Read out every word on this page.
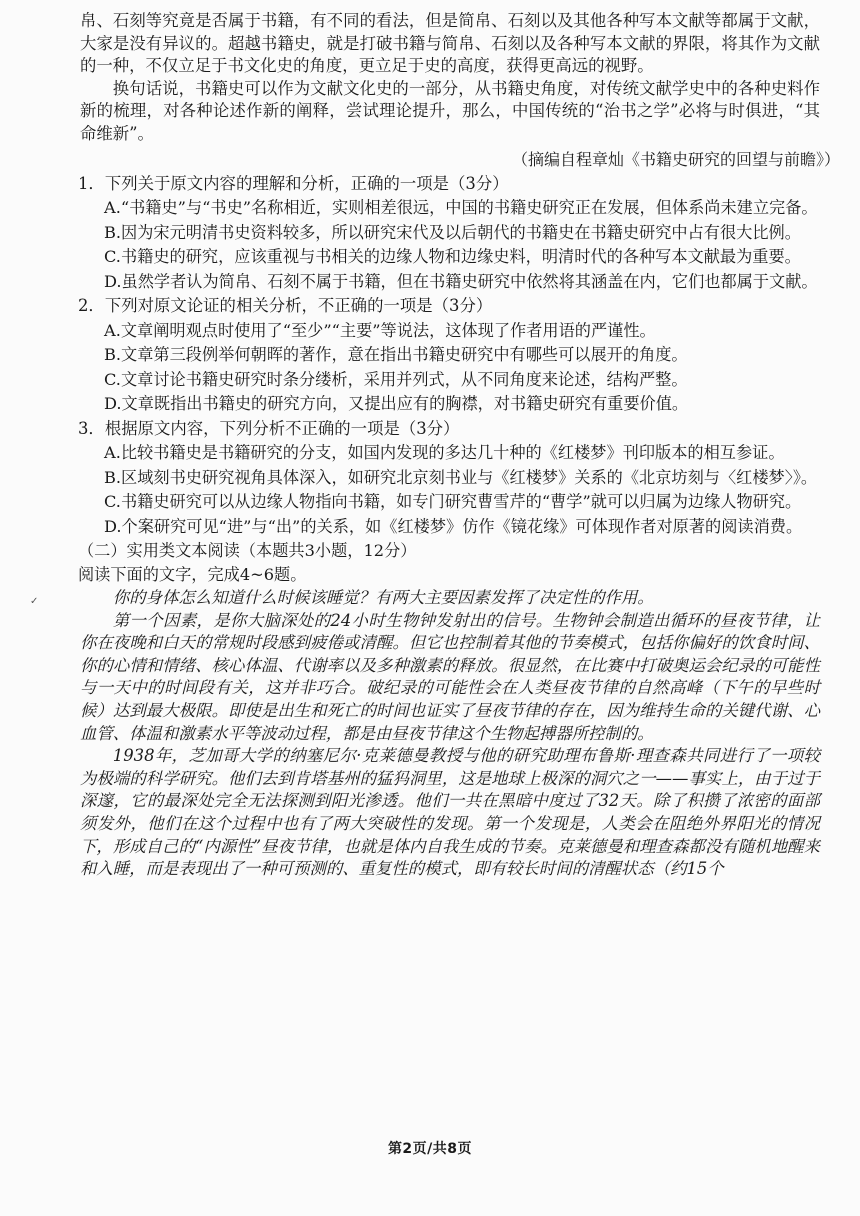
帛、石刻等究竟是否属于书籍，有不同的看法，但是简帛、石刻以及其他各种写本文献等都属于文献，大家是没有异议的。超越书籍史，就是打破书籍与简帛、石刻以及各种写本文献的界限，将其作为文献的一种，不仅立足于书文化史的角度，更立足于史的高度，获得更高远的视野。

换句话说，书籍史可以作为文献文化史的一部分，从书籍史角度，对传统文献学史中的各种史料作新的梳理，对各种论述作新的阐释，尝试理论提升，那么，中国传统的“治书之学”必将与时俱进，“其命维新”。

（摘编自程章灿《书籍史研究的回望与前瞻》）

1．下列关于原文内容的理解和分析，正确的一项是（3分）

A.“书籍史”与“书史”名称相近，实则相差很远，中国的书籍史研究正在发展，但体系尚未建立完备。

B.因为宋元明清书史资料较多，所以研究宋代及以后朝代的书籍史在书籍史研究中占有很大比例。

C.书籍史的研究，应该重视与书相关的边缘人物和边缘史料，明清时代的各种写本文献最为重要。

D.虽然学者认为简帛、石刻不属于书籍，但在书籍史研究中依然将其涵盖在内，它们也都属于文献。

2．下列对原文论证的相关分析，不正确的一项是（3分）

A.文章阐明观点时使用了“至少”“主要”等说法，这体现了作者用语的严谨性。

B.文章第三段例举何朝晖的著作，意在指出书籍史研究中有哪些可以展开的角度。

C.文章讨论书籍史研究时条分缕析，采用并列式，从不同角度来论述，结构严整。

D.文章既指出书籍史的研究方向，又提出应有的胸襟，对书籍史研究有重要价值。

3．根据原文内容，下列分析不正确的一项是（3分）

A.比较书籍史是书籍研究的分支，如国内发现的多达几十种的《红楼梦》刊印版本的相互参证。

B.区域刻书史研究视角具体深入，如研究北京刻书业与《红楼梦》关系的《北京坊刻与〈红楼梦〉》。

C.书籍史研究可以从边缘人物指向书籍，如专门研究曹雪芹的“曹学”就可以归属为边缘人物研究。

D.个案研究可见“进”与“出”的关系，如《红楼梦》仿作《镜花缘》可体现作者对原著的阅读消费。

（二）实用类文本阅读（本题共3小题，12分）

阅读下面的文字，完成4~6题。

你的身体怎么知道什么时候该睡觉？有两大主要因素发挥了决定性的作用。

第一个因素，是你大脑深处的24小时生物钟发射出的信号。生物钟会制造出循环的昼夜节律，让你在夜晚和白天的常规时段感到疲倦或清醒。但它也控制着其他的节奏模式，包括你偏好的饮食时间、你的心情和情绪、核心体温、代谢率以及多种激素的释放。很显然，在比赛中打破奥运会纪录的可能性与一天中的时间段有关，这并非巧合。破纪录的可能性会在人类昼夜节律的自然高峰（下午的早些时候）达到最大极限。即使是出生和死亡的时间也证实了昼夜节律的存在，因为维持生命的关键代谢、心血管、体温和激素水平等波动过程，都是由昼夜节律这个生物起搏器所控制的。

1938年，芝加哥大学的纳塞尼尔·克莱德曼教授与他的研究助理布鲁斯·理查森共同进行了一项较为极端的科学研究。他们去到肯塔基州的猛犸洞里，这是地球上极深的洞穴之一——事实上，由于过于深邃，它的最深处完全无法探测到阳光渗透。他们一共在黑暗中度过了32天。除了积攒了浓密的面部须发外，他们在这个过程中也有了两大突破性的发现。第一个发现是，人类会在阻绝外界阳光的情况下，形成自己的“内源性”昼夜节律，也就是体内自我生成的节奏。克莱德曼和理查森都没有随机地醒来和入睡，而是表现出了一种可预测的、重复性的模式，即有较长时间的清醒状态（约15个

✓
第2页/共8页
